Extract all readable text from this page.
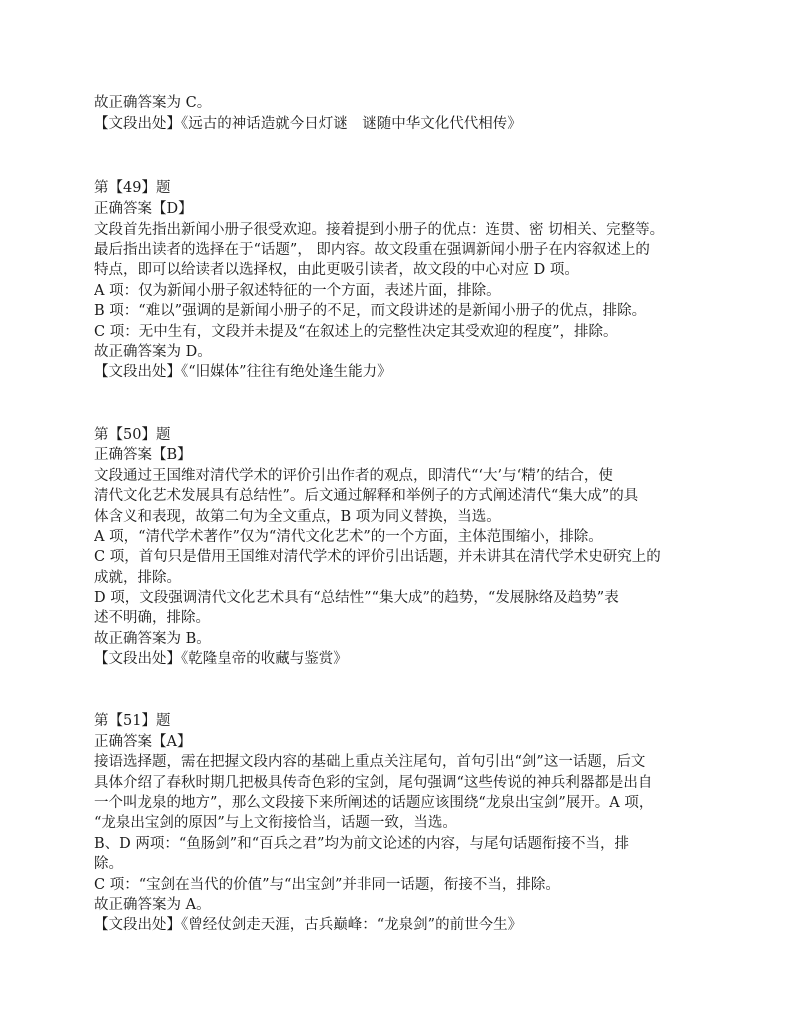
故正确答案为 C。
【文段出处】《远古的神话造就今日灯谜　谜随中华文化代代相传》
第【49】题
正确答案【D】
文段首先指出新闻小册子很受欢迎。接着提到小册子的优点：连贯、密 切相关、完整等。
最后指出读者的选择在于“话题”， 即内容。故文段重在强调新闻小册子在内容叙述上的
特点，即可以给读者以选择权，由此更吸引读者，故文段的中心对应 D 项。
A 项：仅为新闻小册子叙述特征的一个方面，表述片面，排除。
B 项：“难以”强调的是新闻小册子的不足，而文段讲述的是新闻小册子的优点，排除。
C 项：无中生有，文段并未提及“在叙述上的完整性决定其受欢迎的程度”，排除。
故正确答案为 D。
【文段出处】《“旧媒体”往往有绝处逢生能力》
第【50】题
正确答案【B】
文段通过王国维对清代学术的评价引出作者的观点，即清代“‘大’与‘精’的结合，使
清代文化艺术发展具有总结性”。后文通过解释和举例子的方式阐述清代“集大成”的具
体含义和表现，故第二句为全文重点，B 项为同义替换，当选。
A 项，“清代学术著作”仅为“清代文化艺术”的一个方面，主体范围缩小，排除。
C 项，首句只是借用王国维对清代学术的评价引出话题，并未讲其在清代学术史研究上的
成就，排除。
D 项，文段强调清代文化艺术具有“总结性”“集大成”的趋势，“发展脉络及趋势”表
述不明确，排除。
故正确答案为 B。
【文段出处】《乾隆皇帝的收藏与鉴赏》
第【51】题
正确答案【A】
接语选择题，需在把握文段内容的基础上重点关注尾句，首句引出“剑”这一话题，后文
具体介绍了春秋时期几把极具传奇色彩的宝剑，尾句强调“这些传说的神兵利器都是出自
一个叫龙泉的地方”，那么文段接下来所阐述的话题应该围绕“龙泉出宝剑”展开。A 项，
“龙泉出宝剑的原因”与上文衔接恰当，话题一致，当选。
B、D 两项：“鱼肠剑”和“百兵之君”均为前文论述的内容，与尾句话题衔接不当，排
除。
C 项：“宝剑在当代的价值”与“出宝剑”并非同一话题，衔接不当，排除。
故正确答案为 A。
【文段出处】《曾经仗剑走天涯，古兵巅峰：“龙泉剑”的前世今生》
